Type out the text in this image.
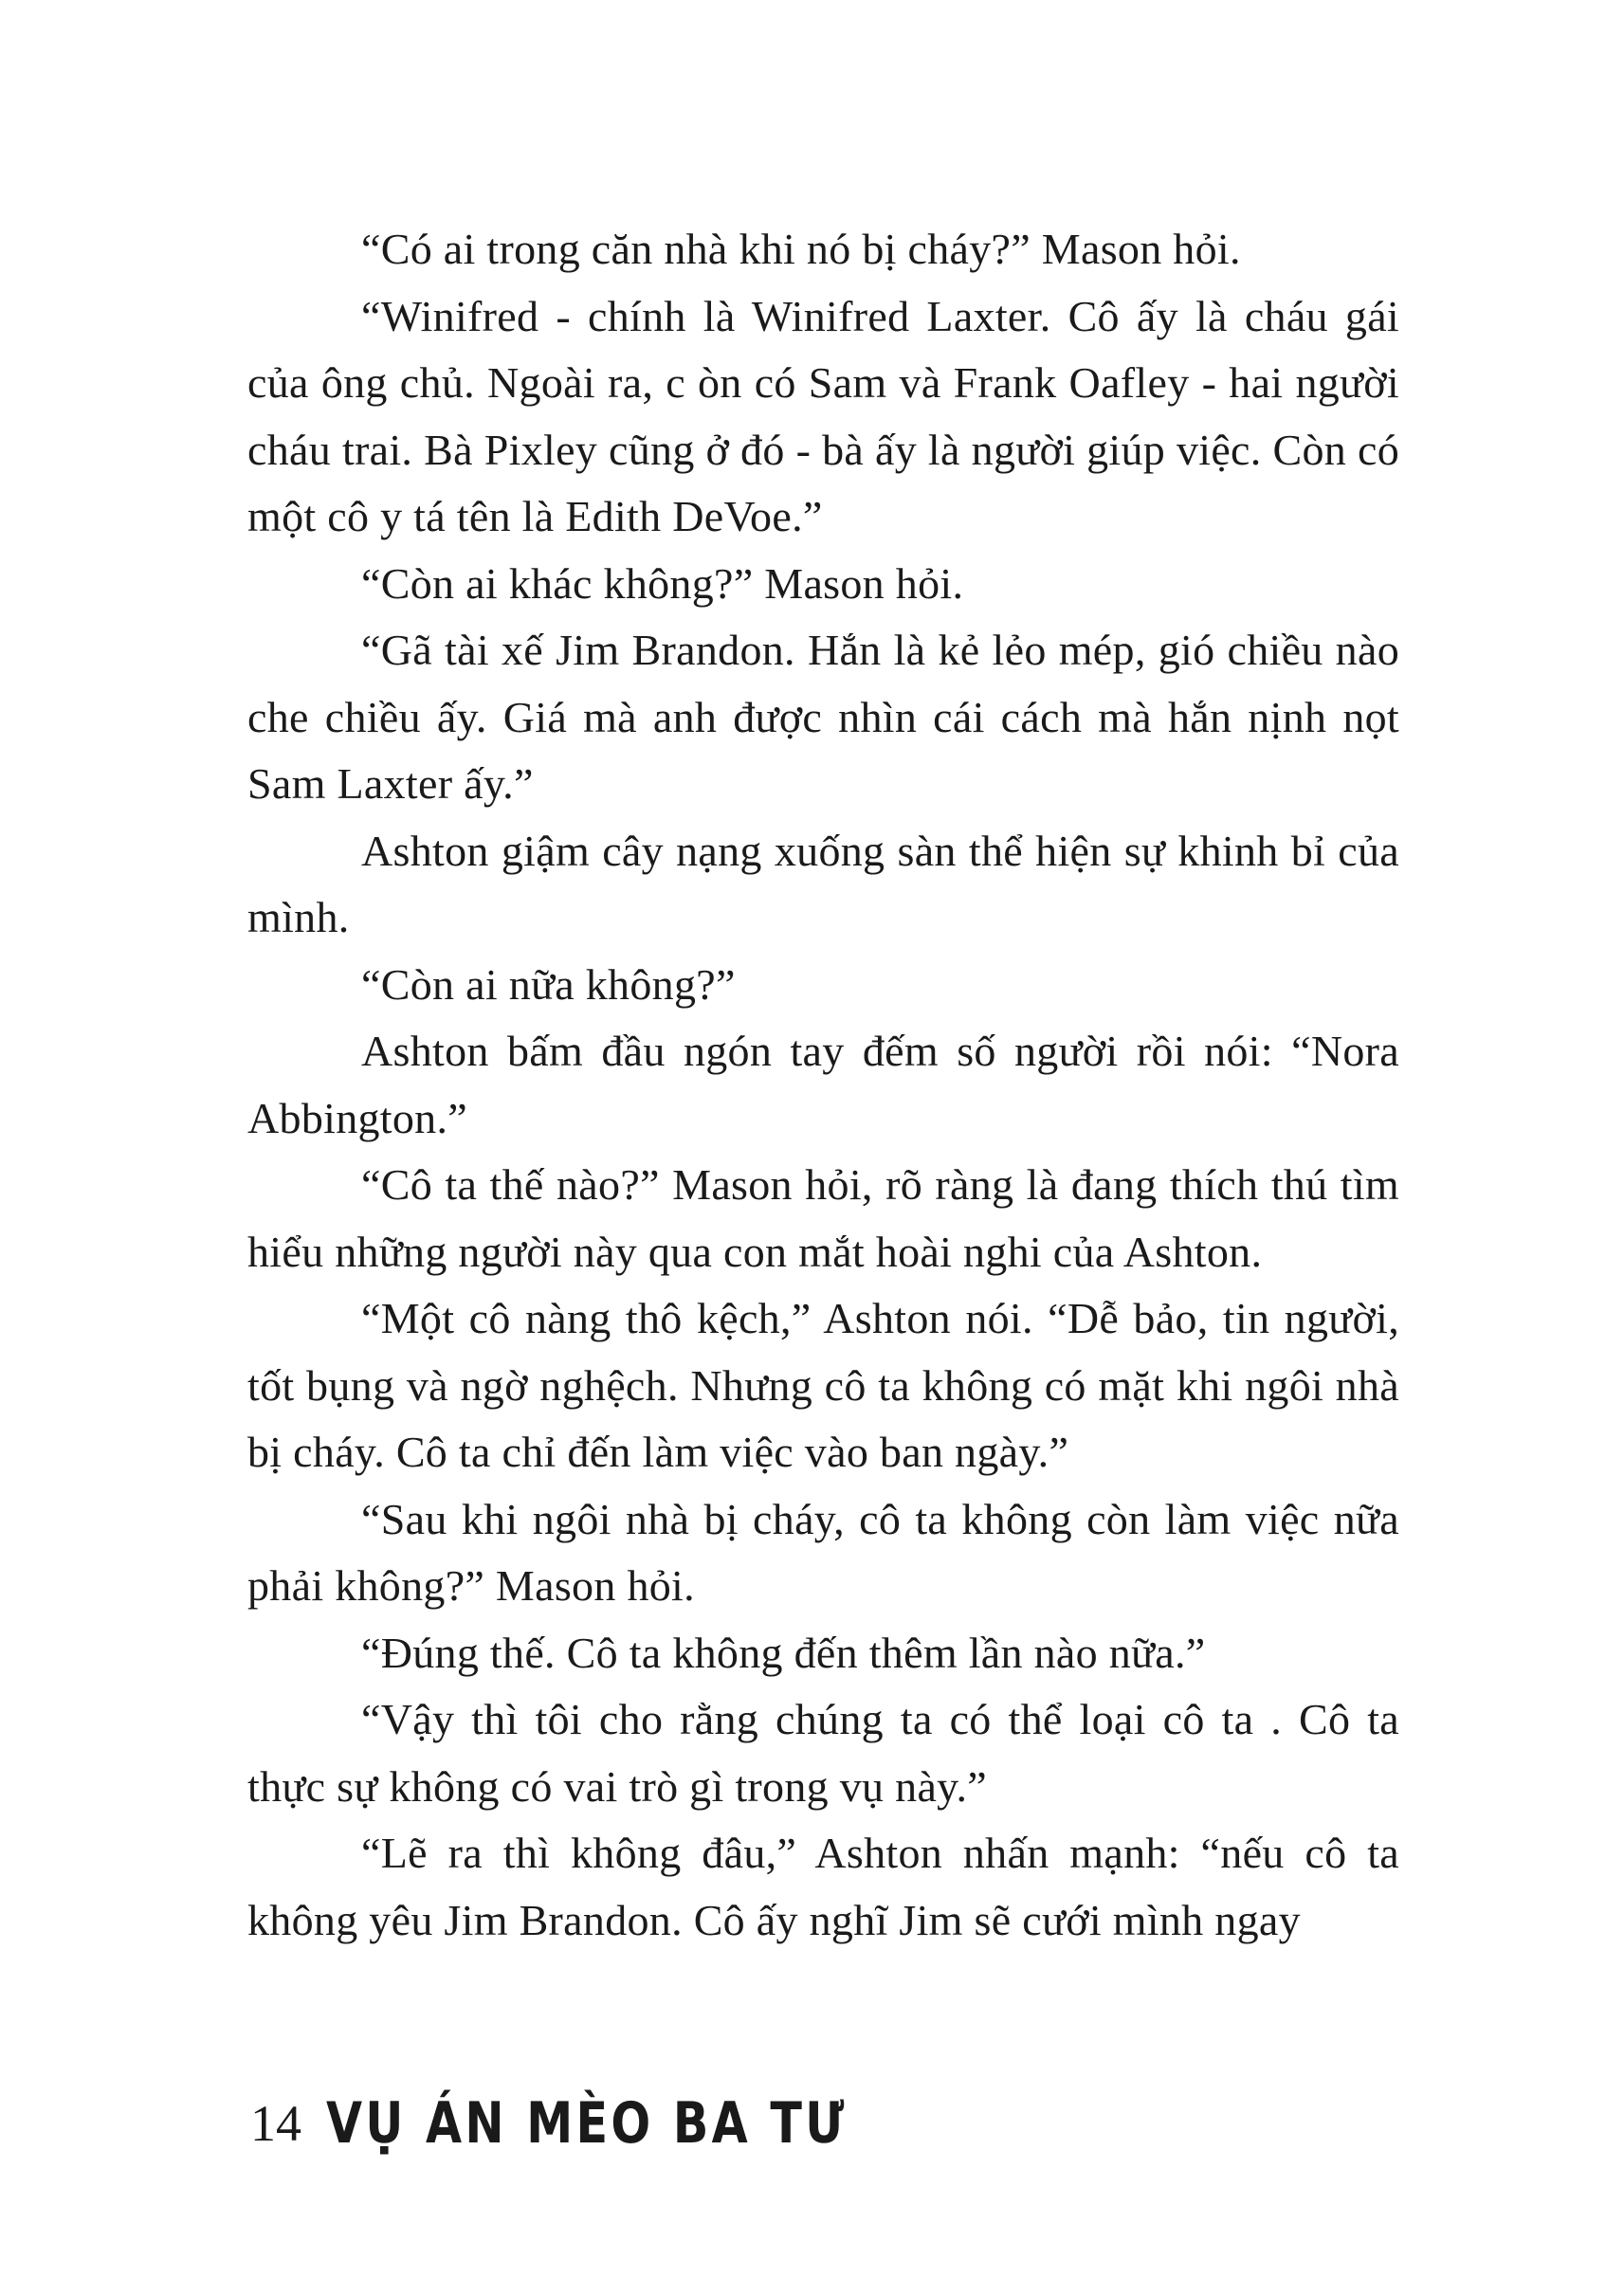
“Có ai trong căn nhà khi nó bị cháy?” Mason hỏi.

“Winifred - chính là Winifred Laxter. Cô ấy là cháu gái của ông chủ. Ngoài ra, c òn có Sam và Frank Oafley - hai người cháu trai. Bà Pixley cũng ở đó - bà ấy là người giúp việc. Còn có một cô y tá tên là Edith DeVoe.”

“Còn ai khác không?” Mason hỏi.

“Gã tài xế Jim Brandon. Hắn là kẻ lẻo mép, gió chiều nào che chiều ấy. Giá mà anh được nhìn cái cách mà hắn nịnh nọt Sam Laxter ấy.”

Ashton giậm cây nạng xuống sàn thể hiện sự khinh bỉ của mình.

“Còn ai nữa không?”

Ashton bấm đầu ngón tay đếm số người rồi nói: “Nora Abbington.”

“Cô ta thế nào?” Mason hỏi, rõ ràng là đang thích thú tìm hiểu những người này qua con mắt hoài nghi của Ashton.

“Một cô nàng thô kệch,” Ashton nói. “Dễ bảo, tin người, tốt bụng và ngờ nghệch. Nhưng cô ta không có mặt khi ngôi nhà bị cháy. Cô ta chỉ đến làm việc vào ban ngày.”

“Sau khi ngôi nhà bị cháy, cô ta không còn làm việc nữa phải không?” Mason hỏi.

“Đúng thế. Cô ta không đến thêm lần nào nữa.”

“Vậy thì tôi cho rằng chúng ta có thể loại cô ta . Cô ta thực sự không có vai trò gì trong vụ này.”

“Lẽ ra thì không đâu,” Ashton nhấn mạnh: “nếu cô ta không yêu Jim Brandon. Cô ấy nghĩ Jim sẽ cưới mình ngay

14 VỤ ÁN MÈO BA TƯ
